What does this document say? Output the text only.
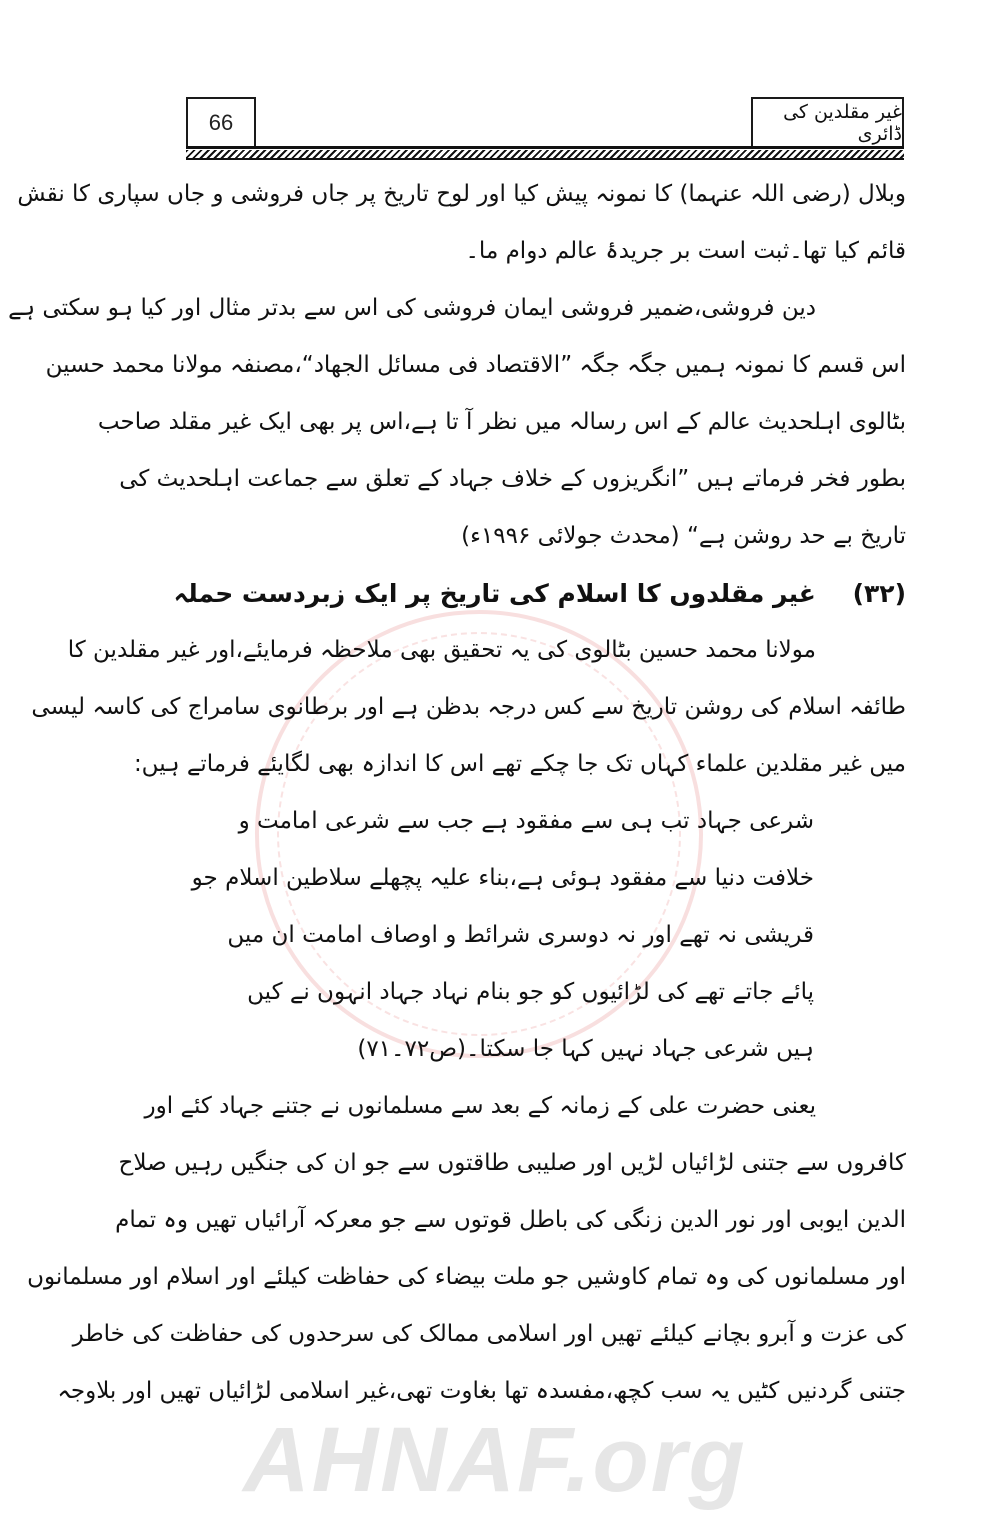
66	غیر مقلدین کی ڈائری
وبلال (رضی اللہ عنہما) کا نمونہ پیش کیا اور لوح تاریخ پر جاں فروشی و جاں سپاری کا نقش
قائم کیا تھا۔ثبت است بر جریدۂ عالم دوام ما۔
دین فروشی،ضمیر فروشی ایمان فروشی کی اس سے بدتر مثال اور کیا ہو سکتی ہے
اس قسم کا نمونہ ہمیں جگہ جگہ ”الاقتصاد فی مسائل الجھاد“،مصنفہ مولانا محمد حسین
بٹالوی اہلحدیث عالم کے اس رسالہ میں نظر آ تا ہے،اس پر بھی ایک غیر مقلد صاحب
بطور فخر فرماتے ہیں ”انگریزوں کے خلاف جہاد کے تعلق سے جماعت اہلحدیث کی
تاریخ بے حد روشن ہے“ (محدث جولائی ۱۹۹۶ء)
(۳۲) غیر مقلدوں کا اسلام کی تاریخ پر ایک زبردست حملہ
مولانا محمد حسین بٹالوی کی یہ تحقیق بھی ملاحظہ فرمایئے،اور غیر مقلدین کا
طائفہ اسلام کی روشن تاریخ سے کس درجہ بدظن ہے اور برطانوی سامراج کی کاسہ لیسی
میں غیر مقلدین علماء کہاں تک جا چکے تھے اس کا اندازہ بھی لگایئے فرماتے ہیں:
شرعی جہاد تب ہی سے مفقود ہے جب سے شرعی امامت و
خلافت دنیا سے مفقود ہوئی ہے،بناء علیہ پچھلے سلاطین اسلام جو
قریشی نہ تھے اور نہ دوسری شرائط و اوصاف امامت ان میں
پائے جاتے تھے کی لڑائیوں کو جو بنام نہاد جہاد انہوں نے کیں
ہیں شرعی جہاد نہیں کہا جا سکتا۔(ص۷۲۔۷۱)
یعنی حضرت علی کے زمانہ کے بعد سے مسلمانوں نے جتنے جہاد کئے اور
کافروں سے جتنی لڑائیاں لڑیں اور صلیبی طاقتوں سے جو ان کی جنگیں رہیں صلاح
الدین ایوبی اور نور الدین زنگی کی باطل قوتوں سے جو معرکہ آرائیاں تھیں وہ تمام
اور مسلمانوں کی وہ تمام کاوشیں جو ملت بیضاء کی حفاظت کیلئے اور اسلام اور مسلمانوں
کی عزت و آبرو بچانے کیلئے تھیں اور اسلامی ممالک کی سرحدوں کی حفاظت کی خاطر
جتنی گردنیں کٹیں یہ سب کچھ،مفسدہ تھا بغاوت تھی،غیر اسلامی لڑائیاں تھیں اور بلاوجہ
AHNAF.org
